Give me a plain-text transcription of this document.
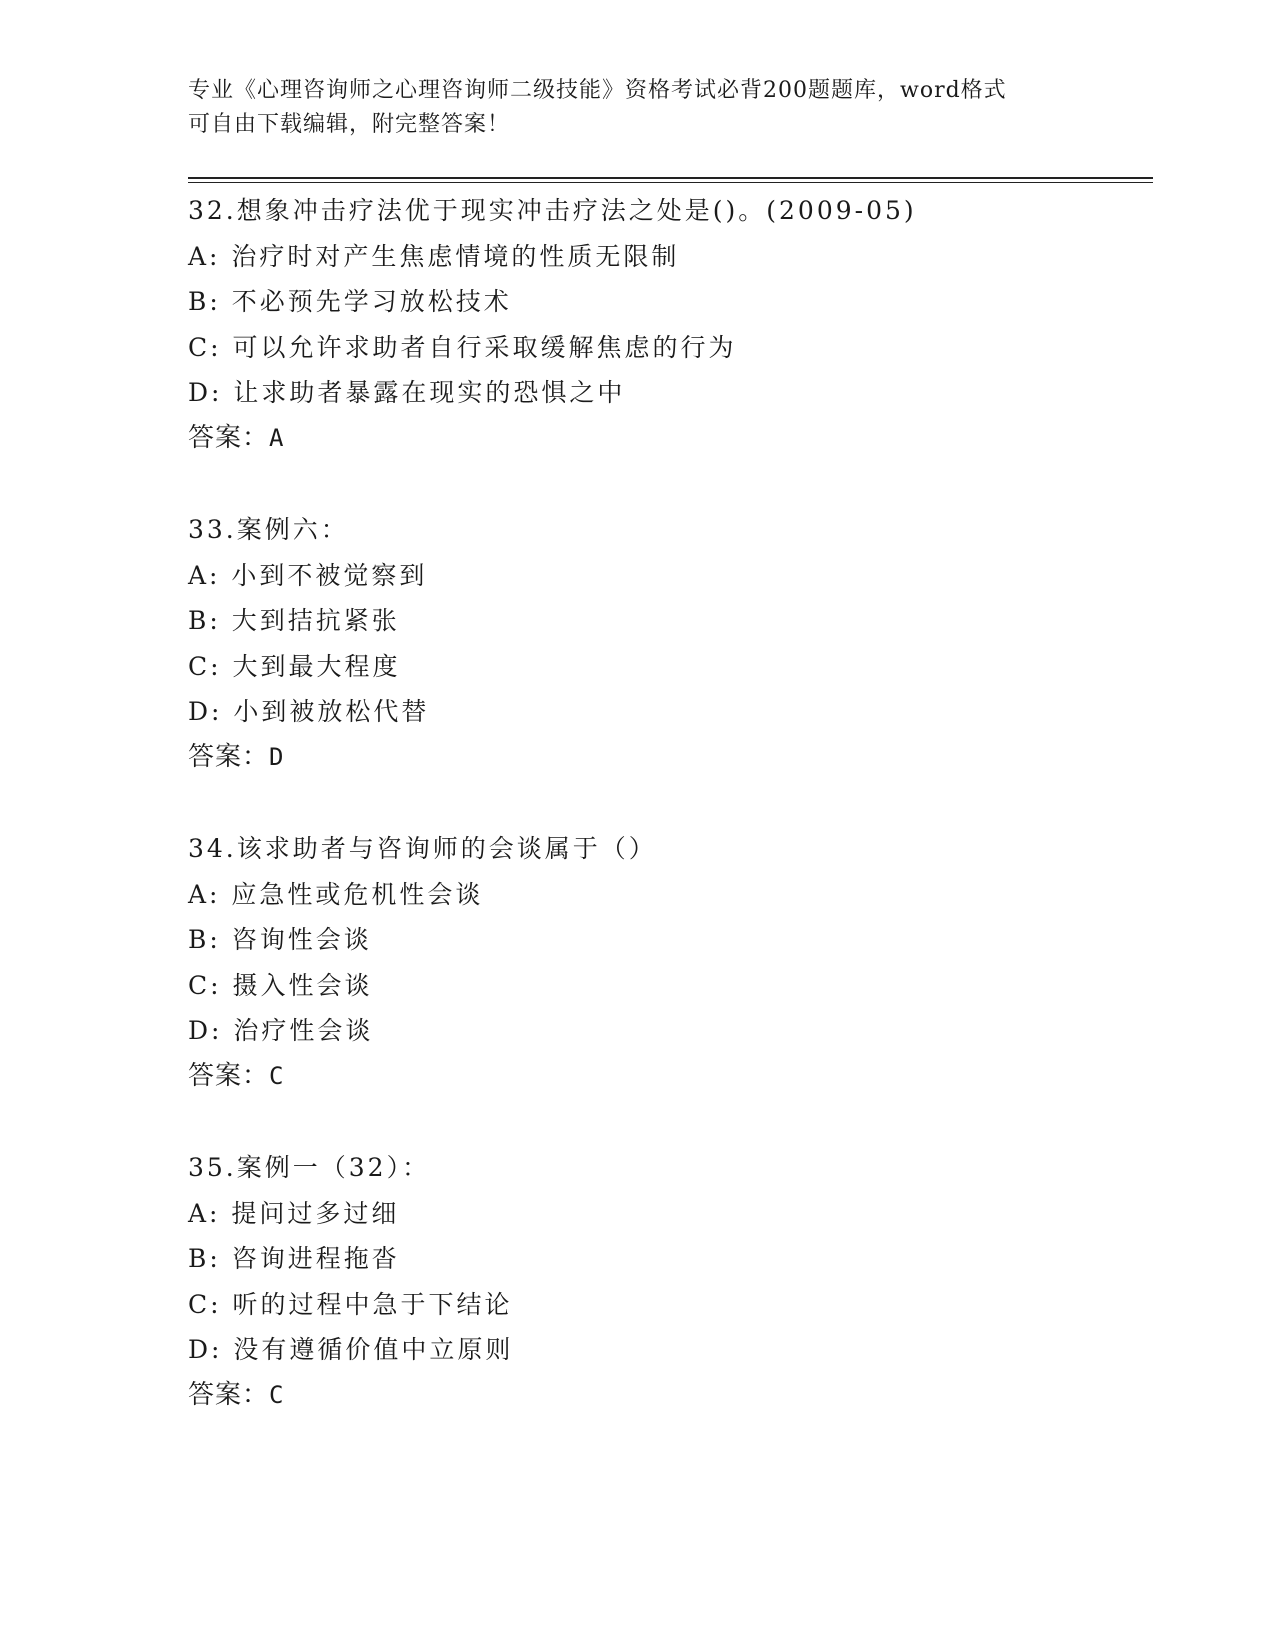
专业《心理咨询师之心理咨询师二级技能》资格考试必背200题题库，word格式
可自由下载编辑，附完整答案！
32.想象冲击疗法优于现实冲击疗法之处是()。(2009-05)
A: 治疗时对产生焦虑情境的性质无限制
B: 不必预先学习放松技术
C: 可以允许求助者自行采取缓解焦虑的行为
D: 让求助者暴露在现实的恐惧之中
答案：A
33.案例六：
A: 小到不被觉察到
B: 大到拮抗紧张
C: 大到最大程度
D: 小到被放松代替
答案：D
34.该求助者与咨询师的会谈属于（）
A: 应急性或危机性会谈
B: 咨询性会谈
C: 摄入性会谈
D: 治疗性会谈
答案：C
35.案例一（32）：
A: 提问过多过细
B: 咨询进程拖沓
C: 听的过程中急于下结论
D: 没有遵循价值中立原则
答案：C
